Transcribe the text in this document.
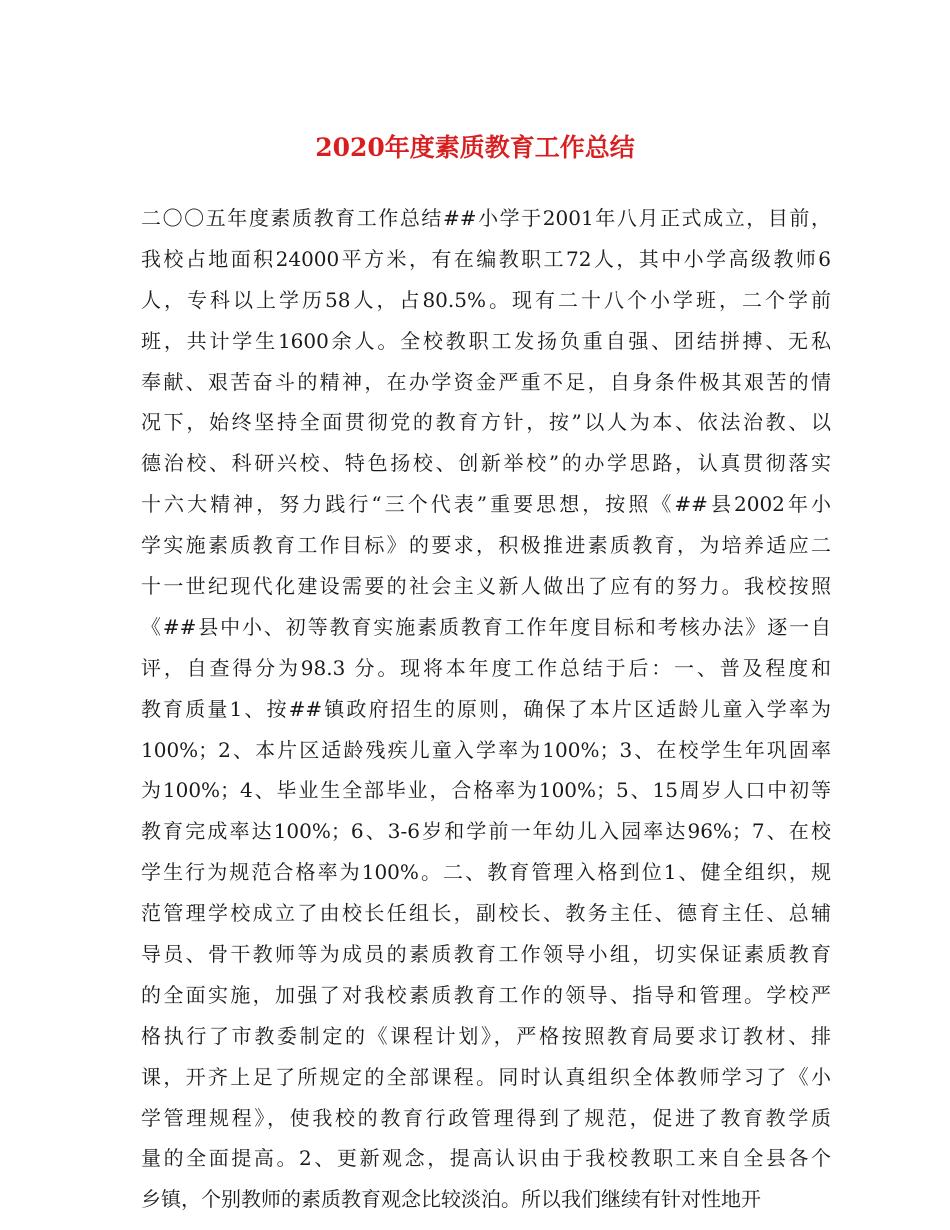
2020年度素质教育工作总结
二〇〇五年度素质教育工作总结##小学于2001年八月正式成立，目前，
我校占地面积24000平方米，有在编教职工72人，其中小学高级教师6
人，专科以上学历58人，占80.5%。现有二十八个小学班，二个学前
班，共计学生1600余人。全校教职工发扬负重自强、团结拼搏、无私
奉献、艰苦奋斗的精神，在办学资金严重不足，自身条件极其艰苦的情
况下，始终坚持全面贯彻党的教育方针，按”以人为本、依法治教、以
德治校、科研兴校、特色扬校、创新举校”的办学思路，认真贯彻落实
十六大精神，努力践行“三个代表”重要思想，按照《##县2002年小
学实施素质教育工作目标》的要求，积极推进素质教育，为培养适应二
十一世纪现代化建设需要的社会主义新人做出了应有的努力。我校按照
《##县中小、初等教育实施素质教育工作年度目标和考核办法》逐一自
评，自查得分为98.3 分。现将本年度工作总结于后：一、普及程度和
教育质量1、按##镇政府招生的原则，确保了本片区适龄儿童入学率为
100%；2、本片区适龄残疾儿童入学率为100%；3、在校学生年巩固率
为100%；4、毕业生全部毕业，合格率为100%；5、15周岁人口中初等
教育完成率达100%；6、3-6岁和学前一年幼儿入园率达96%；7、在校
学生行为规范合格率为100%。二、教育管理入格到位1、健全组织，规
范管理学校成立了由校长任组长，副校长、教务主任、德育主任、总辅
导员、骨干教师等为成员的素质教育工作领导小组，切实保证素质教育
的全面实施，加强了对我校素质教育工作的领导、指导和管理。学校严
格执行了市教委制定的《课程计划》，严格按照教育局要求订教材、排
课，开齐上足了所规定的全部课程。同时认真组织全体教师学习了《小
学管理规程》，使我校的教育行政管理得到了规范，促进了教育教学质
量的全面提高。2、更新观念，提高认识由于我校教职工来自全县各个
乡镇，个别教师的素质教育观念比较淡泊。所以我们继续有针对性地开
